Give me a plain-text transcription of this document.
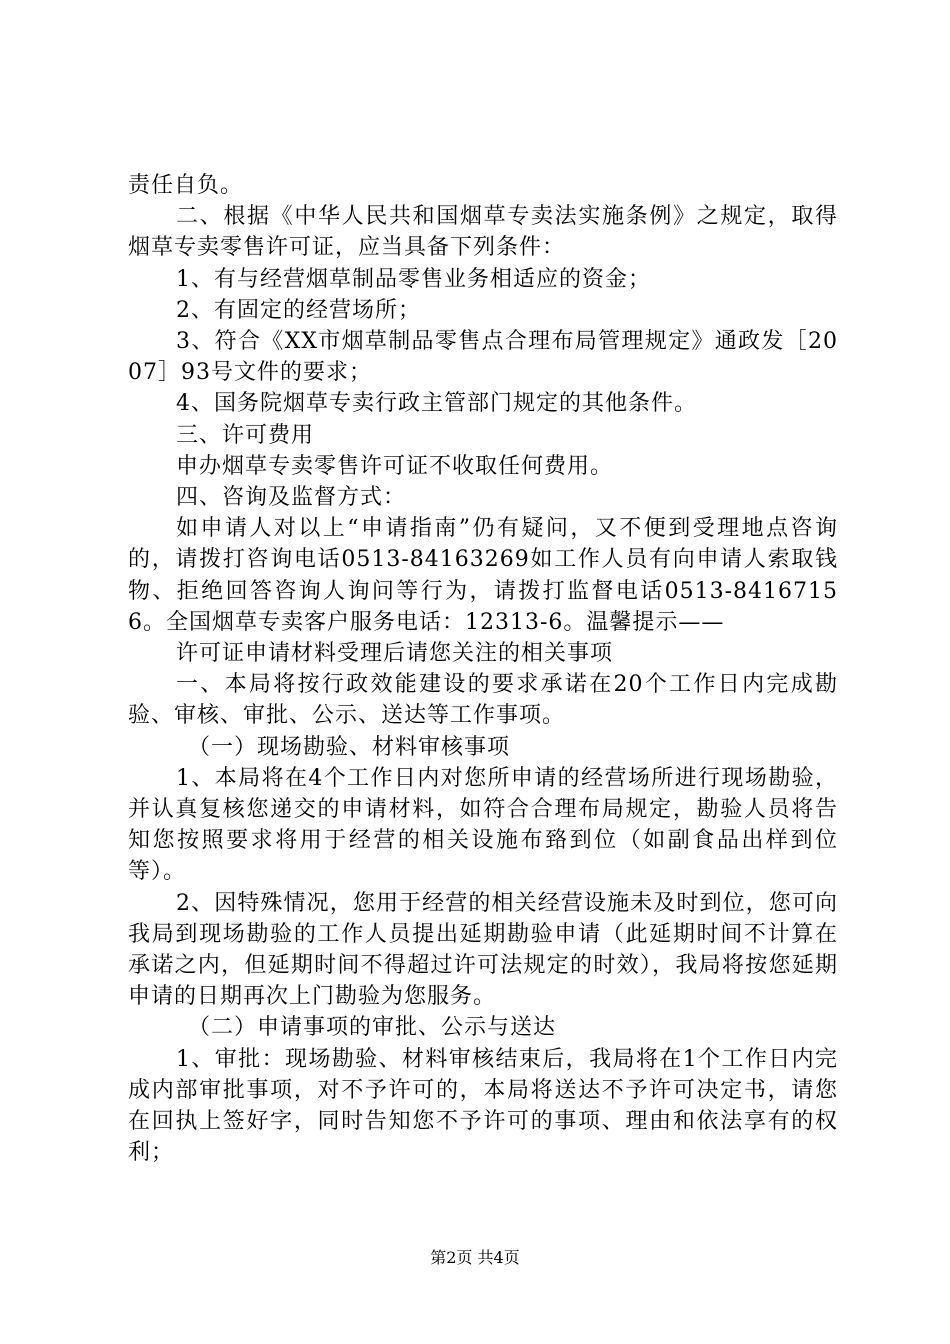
责任自负。

二、根据《中华人民共和国烟草专卖法实施条例》之规定，取得烟草专卖零售许可证，应当具备下列条件：

1、有与经营烟草制品零售业务相适应的资金；

2、有固定的经营场所；

3、符合《XX市烟草制品零售点合理布局管理规定》通政发［2007］93号文件的要求；

4、国务院烟草专卖行政主管部门规定的其他条件。

三、许可费用

申办烟草专卖零售许可证不收取任何费用。

四、咨询及监督方式：

如申请人对以上“申请指南”仍有疑问，又不便到受理地点咨询的，请拨打咨询电话0513-84163269如工作人员有向申请人索取钱物、拒绝回答咨询人询问等行为，请拨打监督电话0513-84167156。全国烟草专卖客户服务电话：12313-6。温馨提示——

许可证申请材料受理后请您关注的相关事项

一、本局将按行政效能建设的要求承诺在20个工作日内完成勘验、审核、审批、公示、送达等工作事项。

（一）现场勘验、材料审核事项

1、本局将在4个工作日内对您所申请的经营场所进行现场勘验，并认真复核您递交的申请材料，如符合合理布局规定，勘验人员将告知您按照要求将用于经营的相关设施布臵到位（如副食品出样到位等）。

2、因特殊情况，您用于经营的相关经营设施未及时到位，您可向我局到现场勘验的工作人员提出延期勘验申请（此延期时间不计算在承诺之内，但延期时间不得超过许可法规定的时效），我局将按您延期申请的日期再次上门勘验为您服务。

（二）申请事项的审批、公示与送达

1、审批：现场勘验、材料审核结束后，我局将在1个工作日内完成内部审批事项，对不予许可的，本局将送达不予许可决定书，请您在回执上签好字，同时告知您不予许可的事项、理由和依法享有的权利；

第2页 共4页
